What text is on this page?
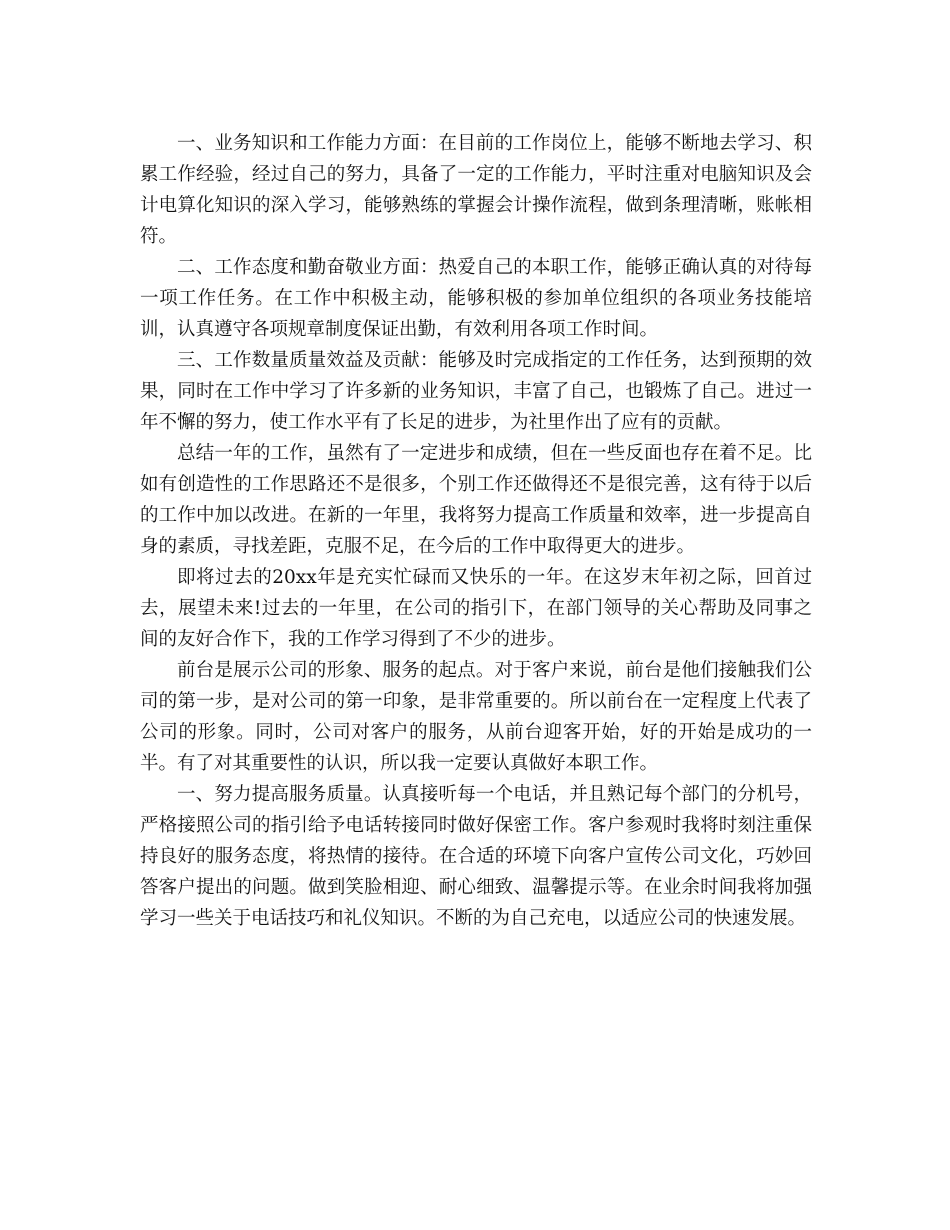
一、业务知识和工作能力方面：在目前的工作岗位上，能够不断地去学习、积累工作经验，经过自己的努力，具备了一定的工作能力，平时注重对电脑知识及会计电算化知识的深入学习，能够熟练的掌握会计操作流程，做到条理清晰，账帐相符。

二、工作态度和勤奋敬业方面：热爱自己的本职工作，能够正确认真的对待每一项工作任务。在工作中积极主动，能够积极的参加单位组织的各项业务技能培训，认真遵守各项规章制度保证出勤，有效利用各项工作时间。

三、工作数量质量效益及贡献：能够及时完成指定的工作任务，达到预期的效果，同时在工作中学习了许多新的业务知识，丰富了自己，也锻炼了自己。进过一年不懈的努力，使工作水平有了长足的进步，为社里作出了应有的贡献。

总结一年的工作，虽然有了一定进步和成绩，但在一些反面也存在着不足。比如有创造性的工作思路还不是很多，个别工作还做得还不是很完善，这有待于以后的工作中加以改进。在新的一年里，我将努力提高工作质量和效率，进一步提高自身的素质，寻找差距，克服不足，在今后的工作中取得更大的进步。

即将过去的20xx年是充实忙碌而又快乐的一年。在这岁末年初之际，回首过去，展望未来!过去的一年里，在公司的指引下，在部门领导的关心帮助及同事之间的友好合作下，我的工作学习得到了不少的进步。

前台是展示公司的形象、服务的起点。对于客户来说，前台是他们接触我们公司的第一步，是对公司的第一印象，是非常重要的。所以前台在一定程度上代表了公司的形象。同时，公司对客户的服务，从前台迎客开始，好的开始是成功的一半。有了对其重要性的认识，所以我一定要认真做好本职工作。

一、努力提高服务质量。认真接听每一个电话，并且熟记每个部门的分机号，严格接照公司的指引给予电话转接同时做好保密工作。客户参观时我将时刻注重保持良好的服务态度，将热情的接待。在合适的环境下向客户宣传公司文化，巧妙回答客户提出的问题。做到笑脸相迎、耐心细致、温馨提示等。在业余时间我将加强学习一些关于电话技巧和礼仪知识。不断的为自己充电，以适应公司的快速发展。
